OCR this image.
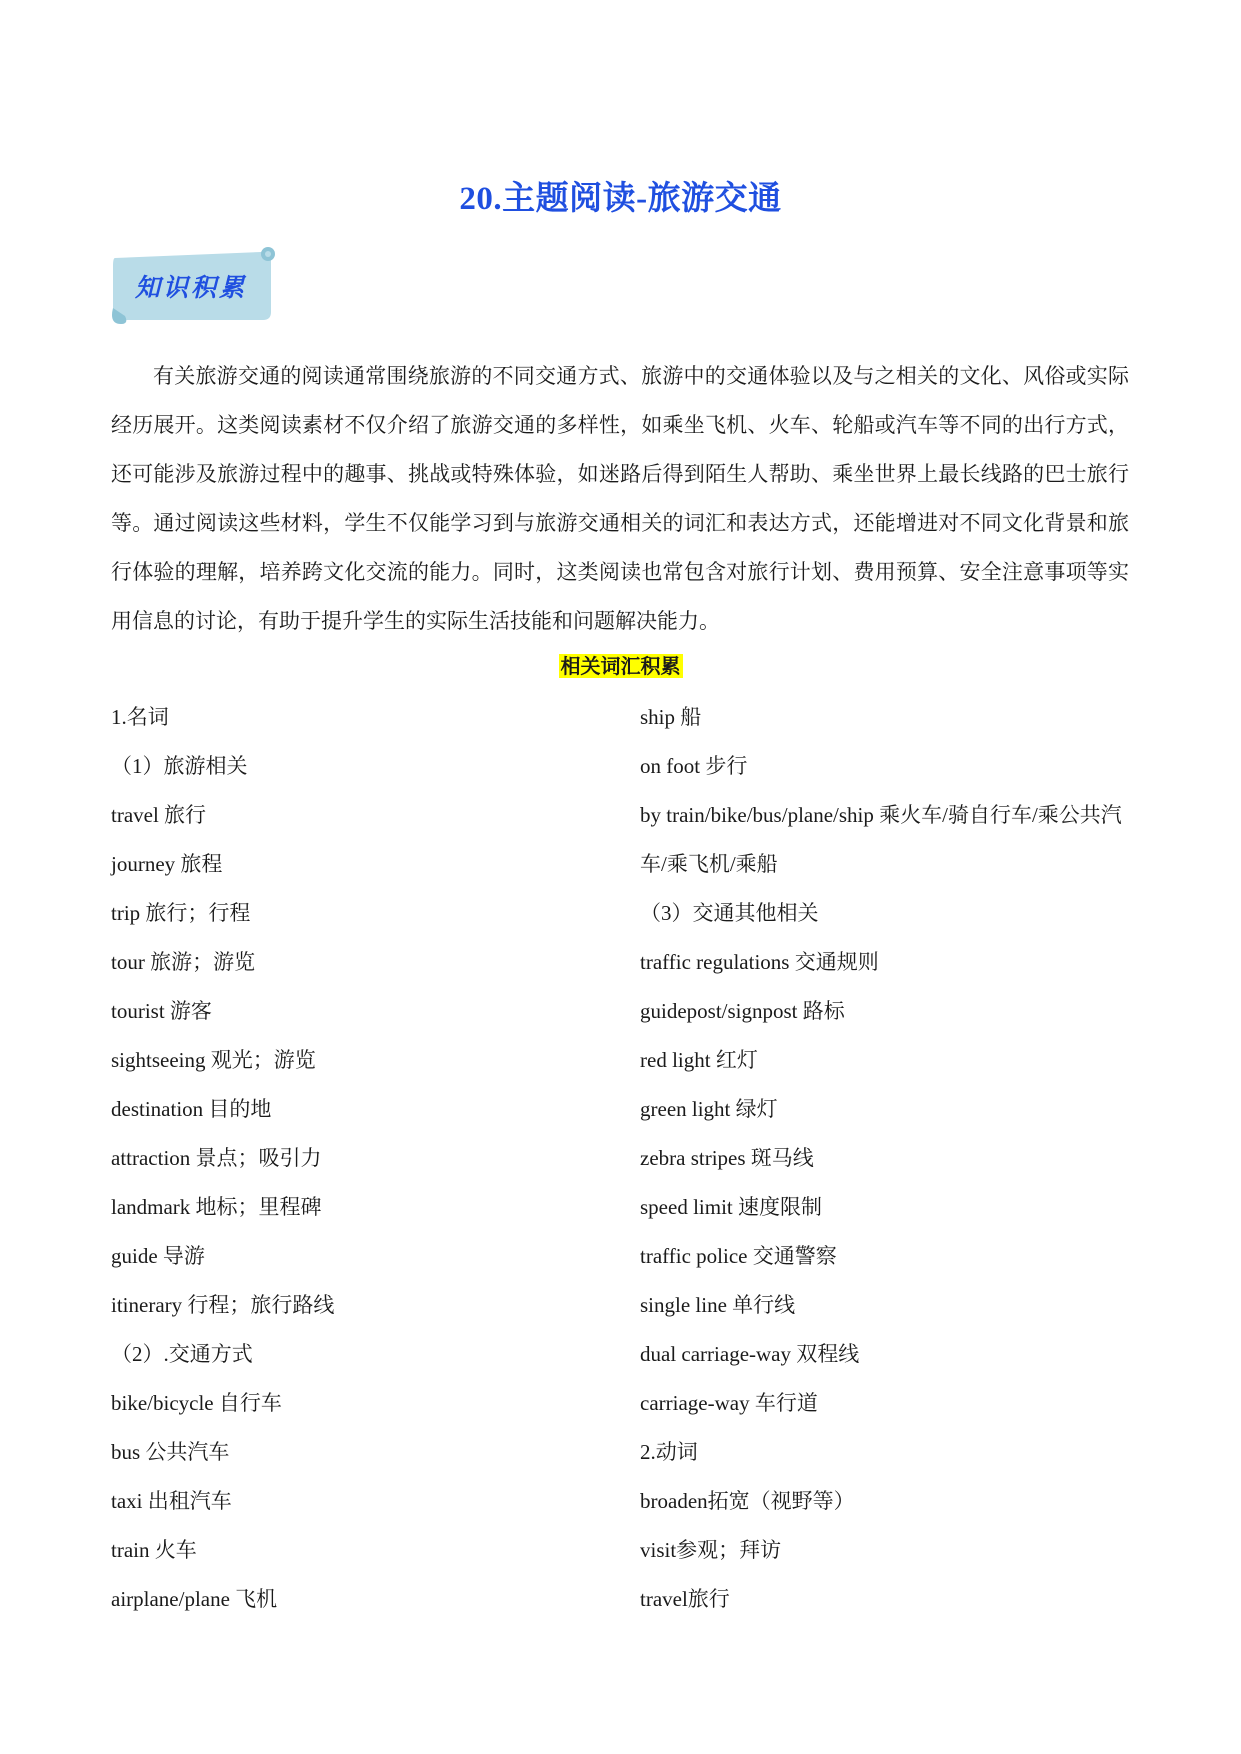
20.主题阅读-旅游交通
知识积累

有关旅游交通的阅读通常围绕旅游的不同交通方式、旅游中的交通体验以及与之相关的文化、风俗或实际经历展开。这类阅读素材不仅介绍了旅游交通的多样性，如乘坐飞机、火车、轮船或汽车等不同的出行方式，还可能涉及旅游过程中的趣事、挑战或特殊体验，如迷路后得到陌生人帮助、乘坐世界上最长线路的巴士旅行等。通过阅读这些材料，学生不仅能学习到与旅游交通相关的词汇和表达方式，还能增进对不同文化背景和旅行体验的理解，培养跨文化交流的能力。同时，这类阅读也常包含对旅行计划、费用预算、安全注意事项等实用信息的讨论，有助于提升学生的实际生活技能和问题解决能力。

相关词汇积累
1.名词
（1）旅游相关
travel 旅行
journey 旅程
trip 旅行；行程
tour 旅游；游览
tourist 游客
sightseeing 观光；游览
destination 目的地
attraction 景点；吸引力
landmark 地标；里程碑
guide 导游
itinerary 行程；旅行路线
（2）.交通方式
bike/bicycle 自行车
bus 公共汽车
taxi 出租汽车
train 火车
airplane/plane 飞机
ship 船
on foot 步行
by train/bike/bus/plane/ship 乘火车/骑自行车/乘公共汽车/乘飞机/乘船
（3）交通其他相关
traffic regulations 交通规则
guidepost/signpost 路标
red light 红灯
green light 绿灯
zebra stripes 斑马线
speed limit 速度限制
traffic police 交通警察
single line 单行线
dual carriage-way 双程线
carriage-way 车行道
2.动词
broaden拓宽（视野等）
visit参观；拜访
travel旅行
